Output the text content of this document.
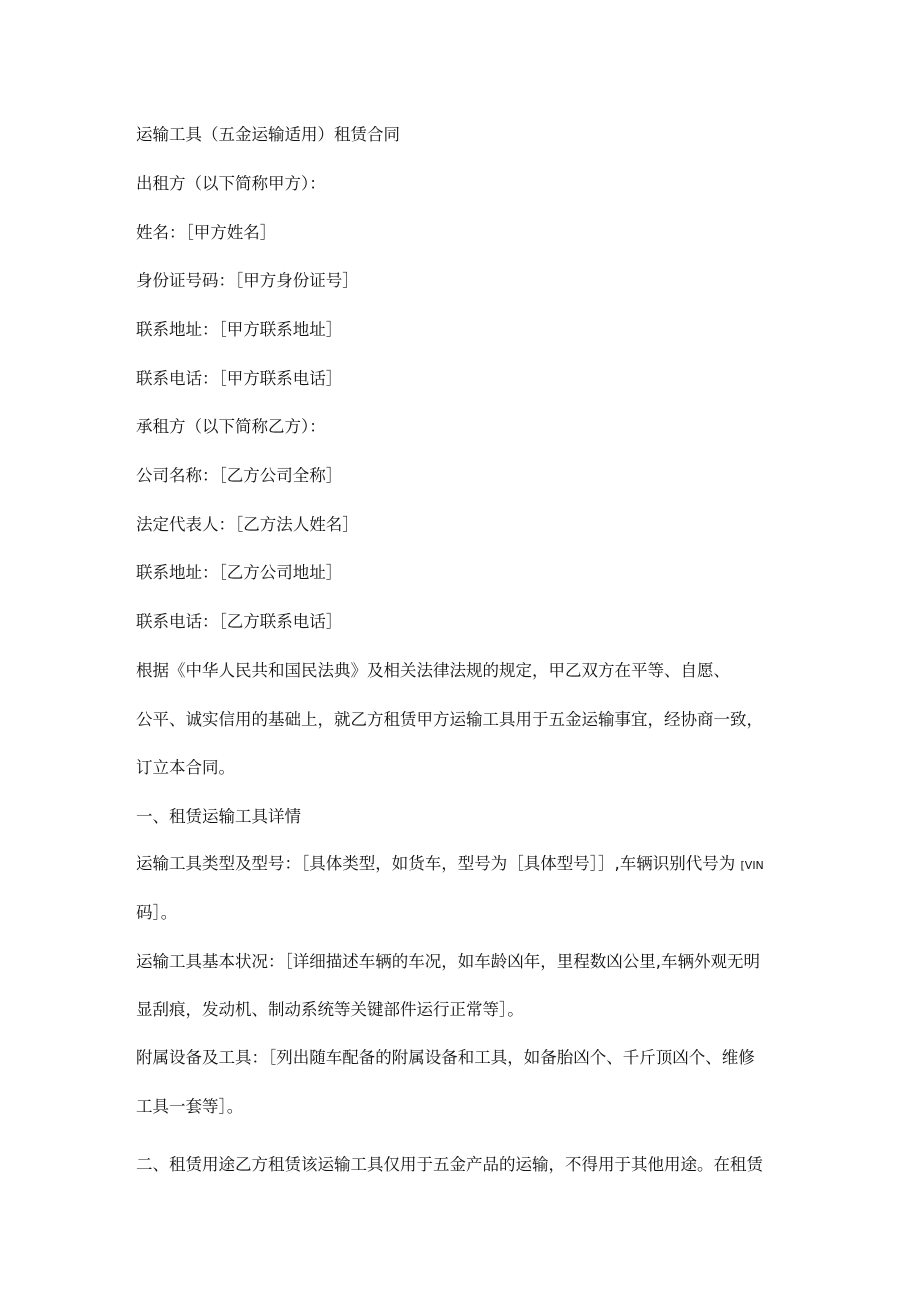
运输工具（五金运输适用）租赁合同
出租方（以下简称甲方）：
姓名：［甲方姓名］
身份证号码：［甲方身份证号］
联系地址：［甲方联系地址］
联系电话：［甲方联系电话］
承租方（以下简称乙方）：
公司名称：［乙方公司全称］
法定代表人：［乙方法人姓名］
联系地址：［乙方公司地址］
联系电话：［乙方联系电话］
根据《中华人民共和国民法典》及相关法律法规的规定，甲乙双方在平等、自愿、
公平、诚实信用的基础上，就乙方租赁甲方运输工具用于五金运输事宜，经协商一致，
订立本合同。
一、租赁运输工具详情
运输工具类型及型号：［具体类型，如货车，型号为［具体型号］］,车辆识别代号为 [VIN
码］。
运输工具基本状况：［详细描述车辆的车况，如车龄凶年，里程数凶公里,车辆外观无明
显刮痕，发动机、制动系统等关键部件运行正常等］。
附属设备及工具：［列出随车配备的附属设备和工具，如备胎凶个、千斤顶凶个、维修
工具一套等］。
二、租赁用途乙方租赁该运输工具仅用于五金产品的运输，不得用于其他用途。在租赁
